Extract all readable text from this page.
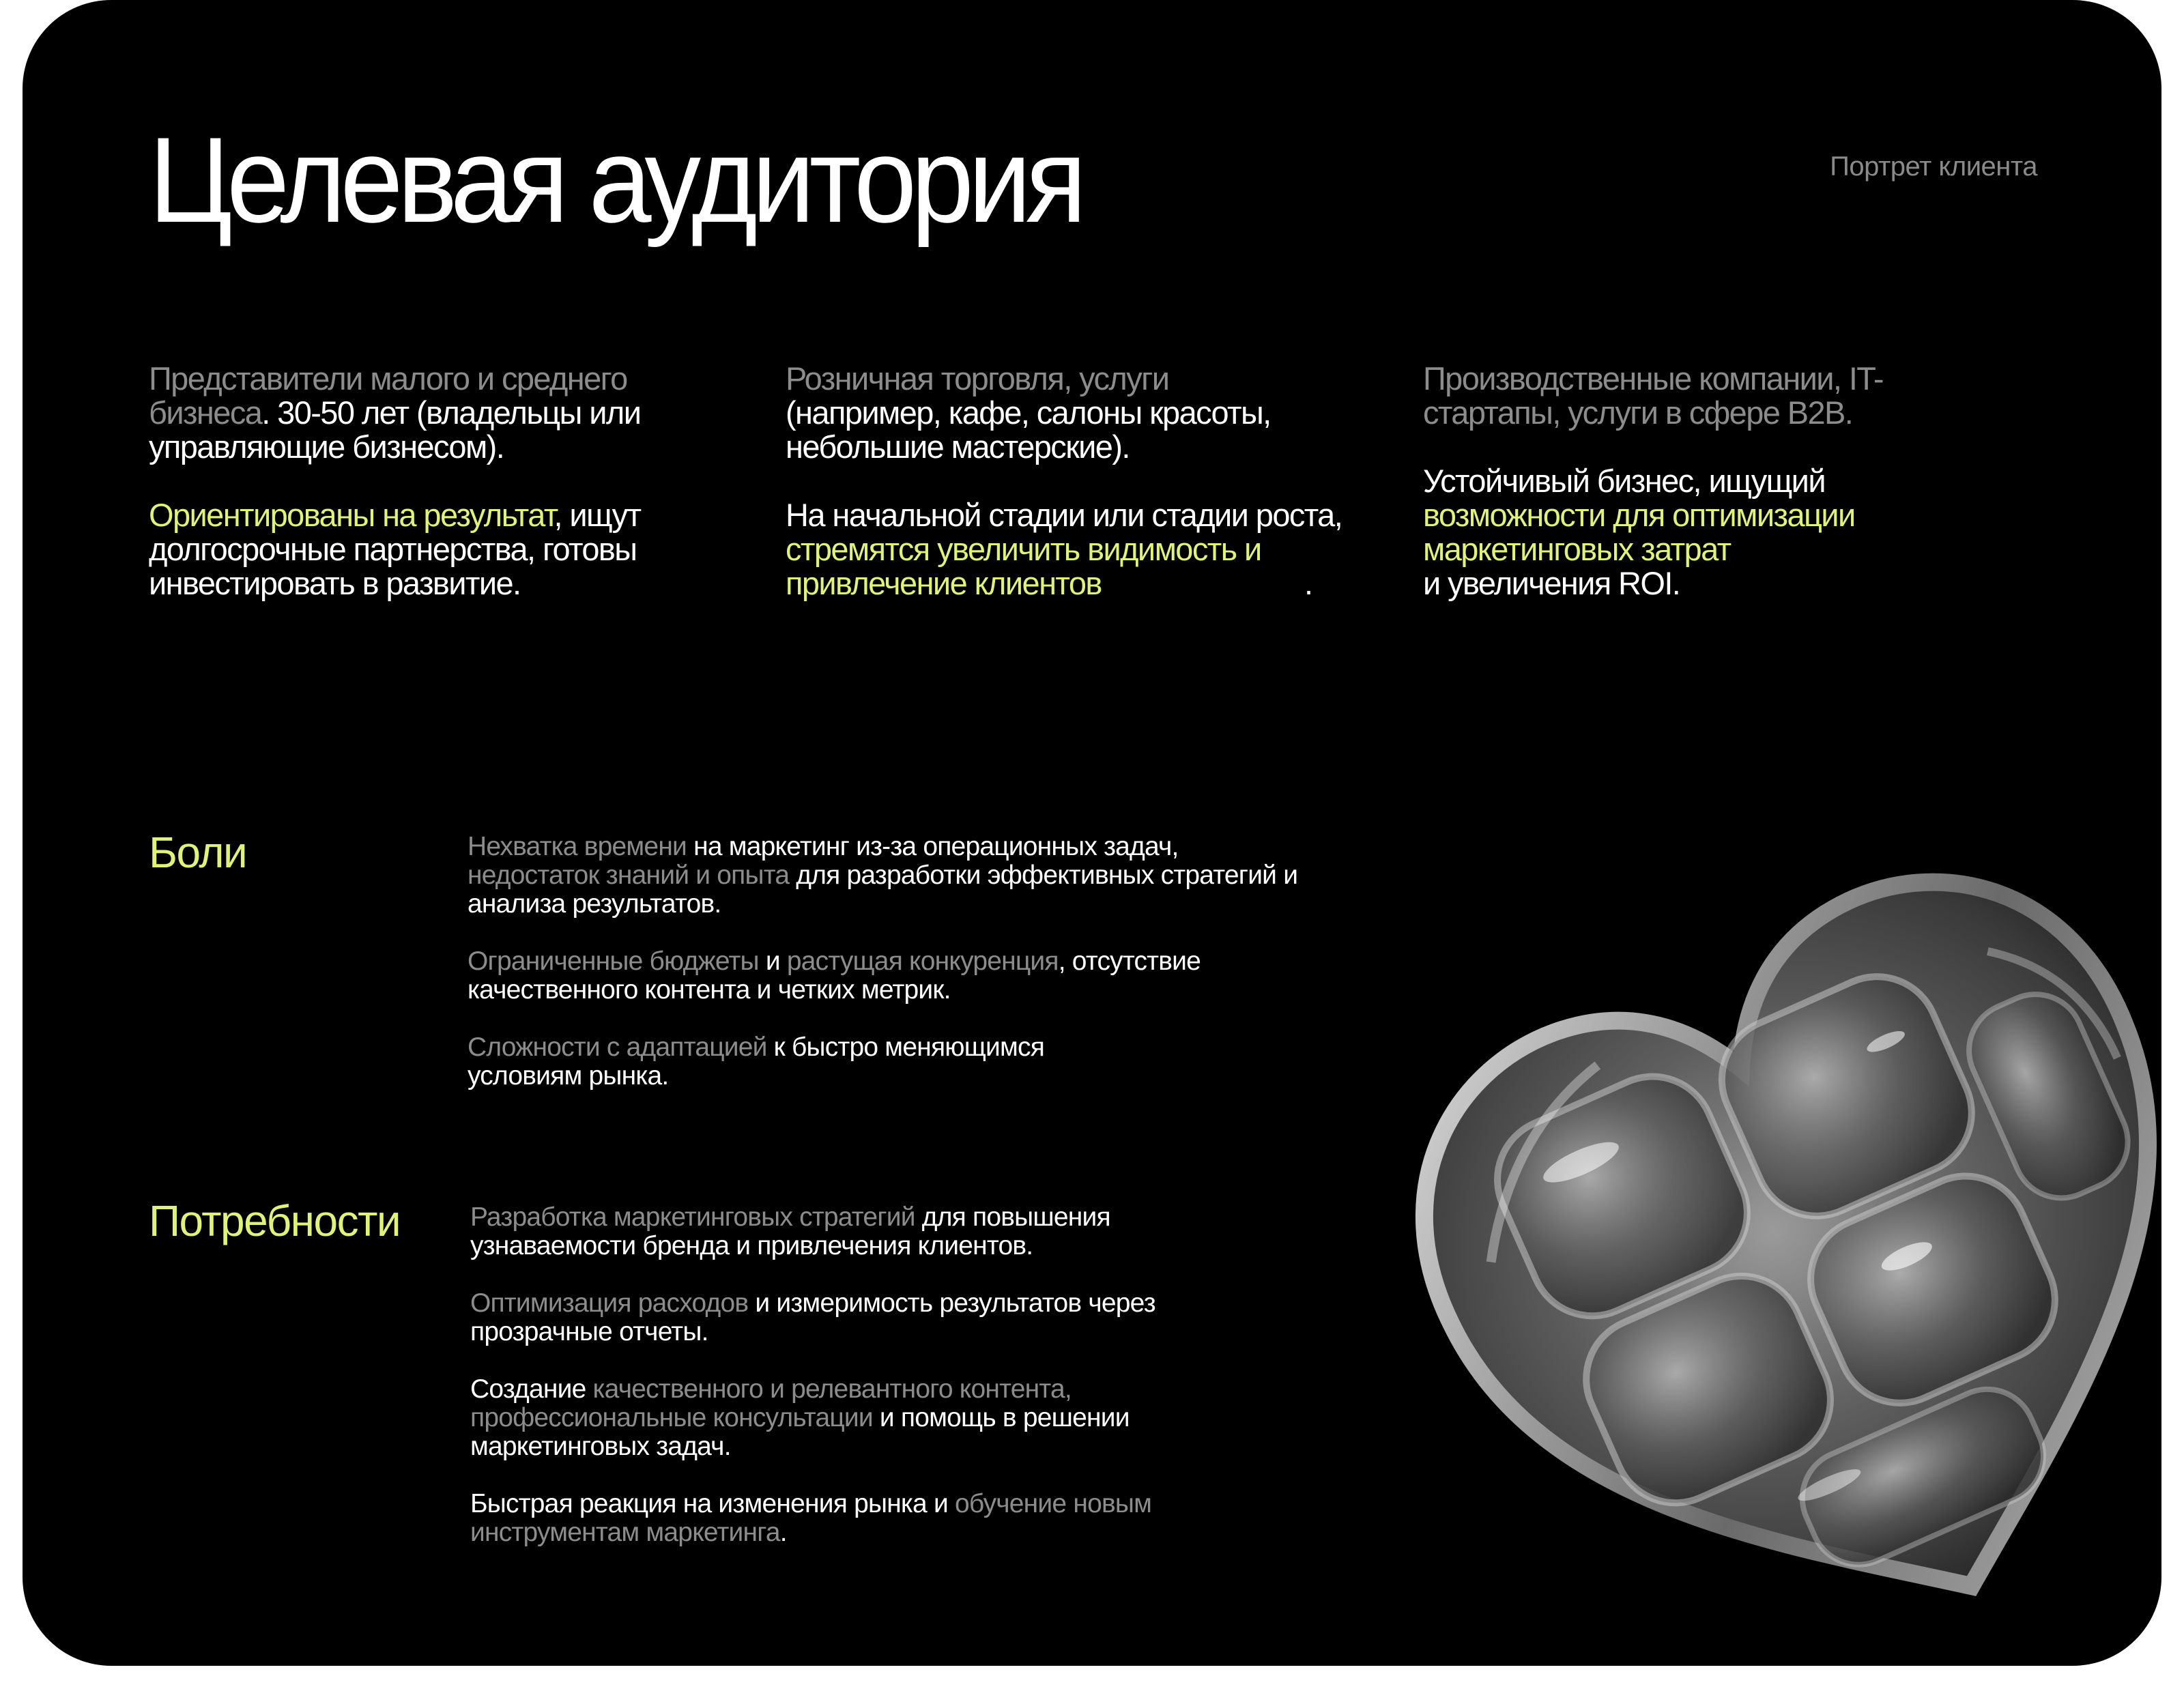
Целевая аудитория	Портрет клиента

Представители малого и среднего бизнеса. 30-50 лет (владельцы или управляющие бизнесом).

Ориентированы на результат, ищут долгосрочные партнерства, готовы инвестировать в развитие.

Розничная торговля, услуги
(например, кафе, салоны красоты, небольшие мастерские).

На начальной стадии или стадии роста,
стремятся увеличить видимость и привлечение клиентов	.

Производственные компании, IT-стартапы, услуги в сфере B2B.

Устойчивый бизнес, ищущий
возможности для оптимизации маркетинговых затрат
и увеличения ROI.

Боли	Нехватка времени на маркетинг из-за операционных задач,
недостаток знаний и опыта для разработки эффективных стратегий и анализа результатов.

Ограниченные бюджеты и растущая конкуренция, отсутствие качественного контента и четких метрик.

Сложности с адаптацией к быстро меняющимся условиям рынка.

Потребности	Разработка маркетинговых стратегий для повышения узнаваемости бренда и привлечения клиентов.

Оптимизация расходов и измеримость результатов через прозрачные отчеты.

Создание качественного и релевантного контента, профессиональные консультации и помощь в решении маркетинговых задач.

Быстрая реакция на изменения рынка и обучение новым инструментам маркетинга.
